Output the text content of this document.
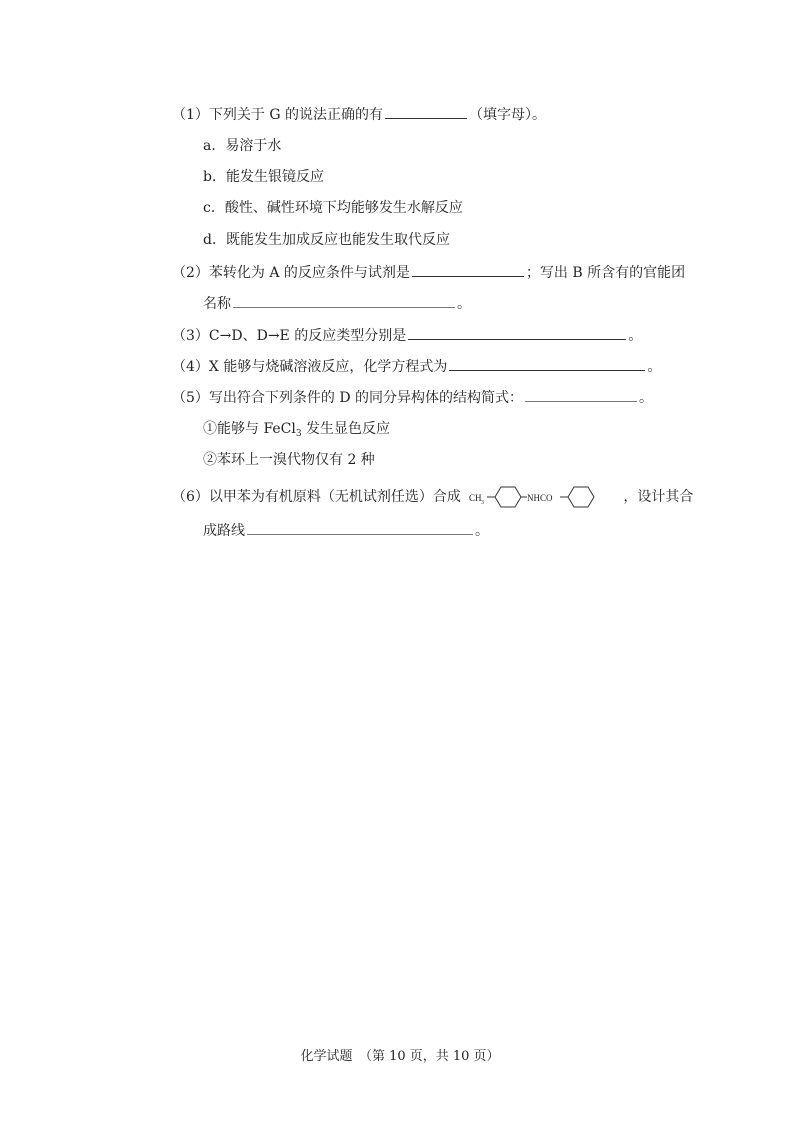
（1）下列关于 G 的说法正确的有	（填字母）。
a．易溶于水
b．能发生银镜反应
c．酸性、碱性环境下均能够发生水解反应
d．既能发生加成反应也能发生取代反应
（2）苯转化为 A 的反应条件与试剂是	；写出 B 所含有的官能团
名称	。
（3）C→D、D→E 的反应类型分别是	。
（4）X 能够与烧碱溶液反应，化学方程式为	。
（5）写出符合下列条件的 D 的同分异构体的结构简式：	。
①能够与 FeCl$_3$ 发生显色反应
②苯环上一溴代物仅有 2 种
（6）以甲苯为有机原料（无机试剂任选）合成 CH 3	NHCO	，设计其合
成路线	。
化学试题　（第 10 页，共 10 页）
